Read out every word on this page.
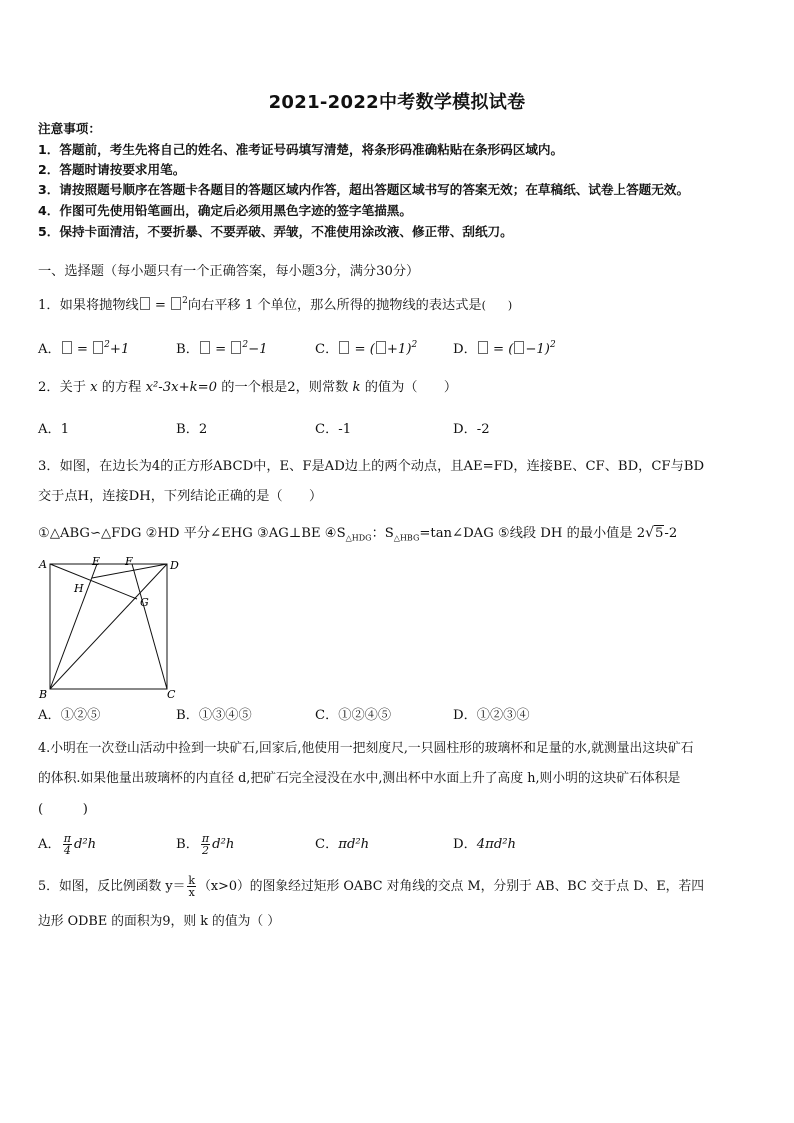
2021-2022中考数学模拟试卷
注意事项：
1．答题前，考生先将自己的姓名、准考证号码填写清楚，将条形码准确粘贴在条形码区域内。
2．答题时请按要求用笔。
3．请按照题号顺序在答题卡各题目的答题区域内作答，超出答题区域书写的答案无效；在草稿纸、试卷上答题无效。
4．作图可先使用铅笔画出，确定后必须用黑色字迹的签字笔描黑。
5．保持卡面清洁，不要折暴、不要弄破、弄皱，不准使用涂改液、修正带、刮纸刀。
一、选择题（每小题只有一个正确答案，每小题3分，满分30分）
1．如果将抛物线 = $^2$向右平移 1 个单位，那么所得的抛物线的表达式是(　　)
A． = $^2$+1	B． = $^2$−1	C． = ( +1)$^2$	D． = ( −1)$^2$
2．关于 x 的方程 x²-3x+k=0 的一个根是2，则常数 k 的值为（　　）
A．1	B．2	C．-1	D．-2
3．如图，在边长为4的正方形ABCD中，E、F是AD边上的两个动点，且AE=FD，连接BE、CF、BD，CF与BD
交于点H，连接DH，下列结论正确的是（　　）
①△ABG∽△FDG ②HD 平分∠EHG ③AG⊥BE $④S_{\triangle HDG}$：$S_{\triangle HBG}=\tan\angle DAG$ ⑤线段 DH 的最小值是 2√5-2
A	E F	D
H
G
B	C
A．①②⑤	B．①③④⑤	C．①②④⑤	D．①②③④
4.小明在一次登山活动中捡到一块矿石,回家后,他使用一把刻度尺,一只圆柱形的玻璃杯和足量的水,就测量出这块矿石
的体积.如果他量出玻璃杯的内直径 d,把矿石完全浸没在水中,测出杯中水面上升了高度 h,则小明的这块矿石体积是
(　　　)
A． $\frac{\pi}{4} d^2h$	B． $\frac{\pi}{2} d^2h$	C．πd²h	D．4πd²h
5．如图，反比例函数 $y= \frac{k}{x} (x>0)$的图象经过矩形 OABC 对角线的交点 M，分别于 AB、BC 交于点 D、E，若四
边形 ODBE 的面积为9，则 k 的值为（ ）
